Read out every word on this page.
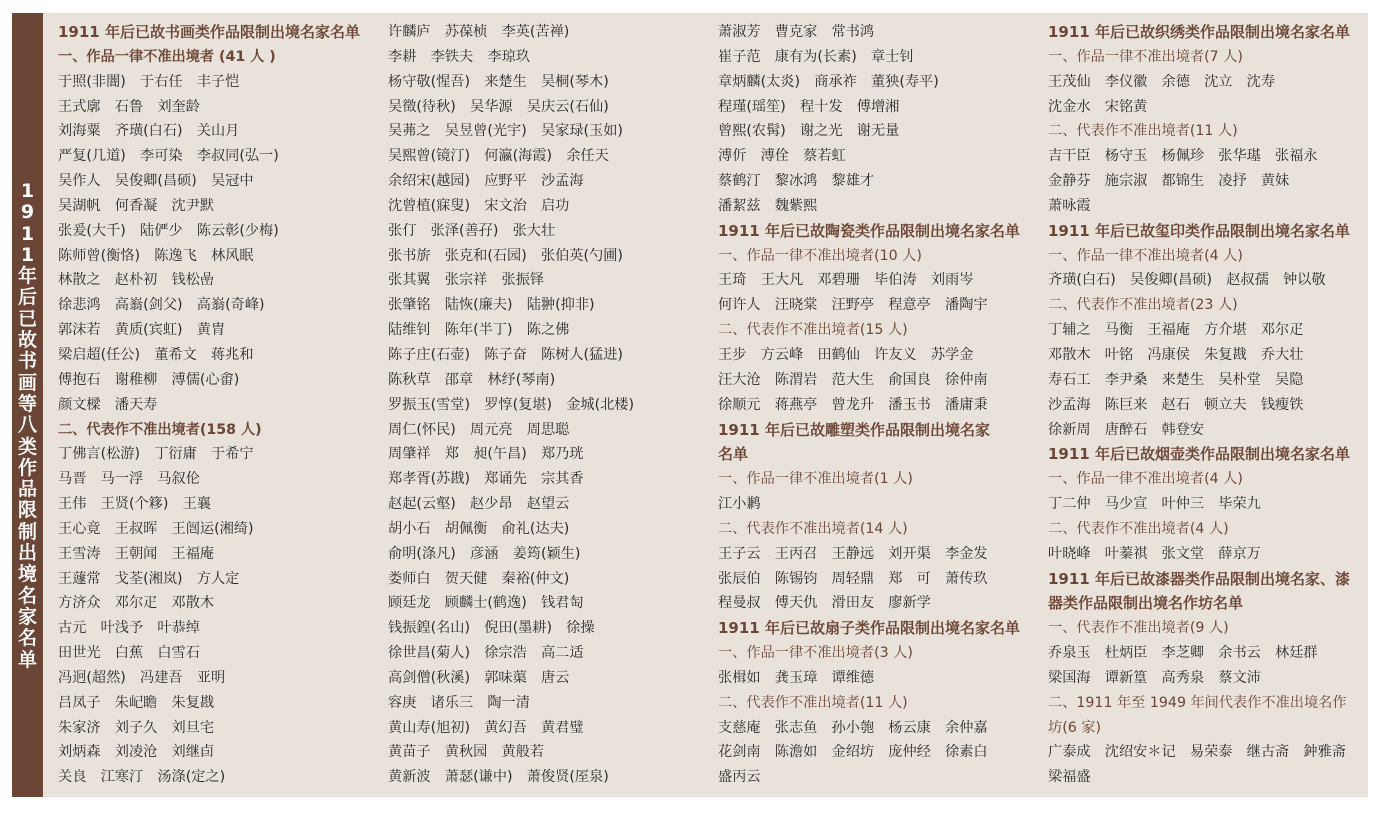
1
9
1
1
年
后
已
故
书
画
等
八
类
作
品
限
制
出
境
名
家
名
单
1911 年后已故书画类作品限制出境名家名单
一、作品一律不准出境者 (41 人 )
于照(非闇)　于右任　丰子恺
王式廓　石鲁　刘奎龄
刘海粟　齐璜(白石)　关山月
严复(几道)　李可染　李叔同(弘一)
吴作人　吴俊卿(昌硕)　吴冠中
吴湖帆　何香凝　沈尹默
张爰(大千)　陆俨少　陈云彰(少梅)
陈师曾(衡恪)　陈逸飞　林风眠
林散之　赵朴初　钱松嵒
徐悲鸿　高嵡(剑父)　高嵡(奇峰)
郭沫若　黄质(宾虹)　黄胄
梁启超(任公)　董希文　蒋兆和
傅抱石　谢稚柳　溥儒(心畬)
颜文樑　潘天寿
二、代表作不准出境者(158 人)
丁佛言(松游)　丁衍庸　于希宁
马晋　马一浮　马叙伦
王伟　王贤(个簃)　王襄
王心竟　王叔晖　王闿运(湘绮)
王雪涛　王朝闻　王福庵
王蘧常　戈荃(湘岚)　方人定
方济众　邓尔疋　邓散木
古元　叶浅予　叶恭绰
田世光　白蕉　白雪石
冯迥(超然)　冯建吾　亚明
吕凤子　朱屺瞻　朱复戡
朱家济　刘子久　刘旦宅
刘炳森　刘凌沧　刘继卣
关良　江寒汀　汤涤(定之)
许麟庐　苏葆桢　李英(苦禅)
李耕　李铁夫　李琼玖
杨守敬(惺吾)　来楚生　吴桐(琴木)
吴徵(待秋)　吴华源　吴庆云(石仙)
吴茀之　吴昱曾(光宇)　吴家琭(玉如)
吴熙曾(镜汀)　何瀛(海霞)　余任天
余绍宋(越园)　应野平　沙孟海
沈曾植(寐叟)　宋文治　启功
张仃　张泽(善孖)　张大壮
张书旂　张克和(石园)　张伯英(勺圃)
张其翼　张宗祥　张振铎
张肇铭　陆恢(廉夫)　陆翀(抑非)
陆维钊　陈年(半丁)　陈之佛
陈子庄(石壶)　陈子奋　陈树人(猛进)
陈秋草　邵章　林纾(琴南)
罗振玉(雪堂)　罗惇(复堪)　金城(北楼)
周仁(怀民)　周元亮　周思聪
周肇祥　郑　昶(午昌)　郑乃珖
郑孝胥(苏戡)　郑诵先　宗其香
赵起(云壑)　赵少昂　赵望云
胡小石　胡佩衡　俞礼(达夫)
俞明(涤凡)　彦涵　姜筠(颖生)
娄师白　贺天健　秦裕(仲文)
顾廷龙　顾麟士(鹤逸)　钱君匋
钱振鍠(名山)　倪田(墨耕)　徐操
徐世昌(菊人)　徐宗浩　高二适
高剑僧(秋溪)　郭味蕖　唐云
容庚　诸乐三　陶一清
黄山寿(旭初)　黄幻吾　黄君璧
黄苗子　黄秋园　黄般若
黄新波　萧瑟(谦中)　萧俊贤(厔泉)
萧淑芳　曹克家　常书鸿
崔子范　康有为(长素)　章士钊
章炳麟(太炎)　商承祚　董㹧(寿平)
程瑾(瑶笙)　程十发　傅增湘
曾熙(农髯)　谢之光　谢无量
溥伒　溥佺　蔡若虹
蔡鹤汀　黎冰鸿　黎雄才
潘絜兹　魏紫熙
1911 年后已故陶瓷类作品限制出境名家名单
一、作品一律不准出境者(10 人)
王琦　王大凡　邓碧珊　毕伯涛　刘雨岑
何许人　汪晓棠　汪野亭　程意亭　潘陶宇
二、代表作不准出境者(15 人)
王步　方云峰　田鹤仙　许友义　苏学金
汪大沧　陈渭岩　范大生　俞国良　徐仲南
徐顺元　蒋燕亭　曾龙升　潘玉书　潘庸秉
1911 年后已故雕塑类作品限制出境名家
名单
一、作品一律不准出境者(1 人)
江小鹣
二、代表作不准出境者(14 人)
王子云　王丙召　王静远　刘开渠　李金发
张辰伯　陈锡钧　周轻鼎　郑　可　萧传玖
程曼叔　傅天仇　滑田友　廖新学
1911 年后已故扇子类作品限制出境名家名单
一、作品一律不准出境者(3 人)
张楫如　龚玉璋　谭维德
二、代表作不准出境者(11 人)
支慈庵　张志鱼　孙小匏　杨云康　余仲嘉
花剑南　陈澹如　金绍坊　庞仲经　徐素白
盛丙云
1911 年后已故织绣类作品限制出境名家名单
一、作品一律不准出境者(7 人)
王茂仙　李仪徽　余德　沈立　沈寿
沈金水　宋铭黄
二、代表作不准出境者(11 人)
吉干臣　杨守玉　杨佩珍　张华璂　张福永
金静芬　施宗淑　都锦生　凌抒　黄妹
萧咏霞
1911 年后已故玺印类作品限制出境名家名单
一、作品一律不准出境者(4 人)
齐璜(白石)　吴俊卿(昌硕)　赵叔孺　钟以敬
二、代表作不准出境者(23 人)
丁辅之　马衡　王福庵　方介堪　邓尔疋
邓散木　叶铭　冯康侯　朱复戡　乔大壮
寿石工　李尹桑　来楚生　吴朴堂　吴隐
沙孟海　陈巨来　赵石　顿立夫　钱瘦铁
徐新周　唐醉石　韩登安
1911 年后已故烟壶类作品限制出境名家名单
一、作品一律不准出境者(4 人)
丁二仲　马少宣　叶仲三　毕荣九
二、代表作不准出境者(4 人)
叶晓峰　叶蓁祺　张文堂　薛京万
1911 年后已故漆器类作品限制出境名家、漆
器类作品限制出境名作坊名单
一、代表作不准出境者(9 人)
乔泉玉　杜炳臣　李芝卿　余书云　林廷群
梁国海　谭新篁　高秀泉　蔡文沛
二、1911 年至 1949 年间代表作不准出境名作
坊(6 家)
广泰成　沈绍安＊记　易荣泰　继古斋　鈡雅斋
梁福盛
